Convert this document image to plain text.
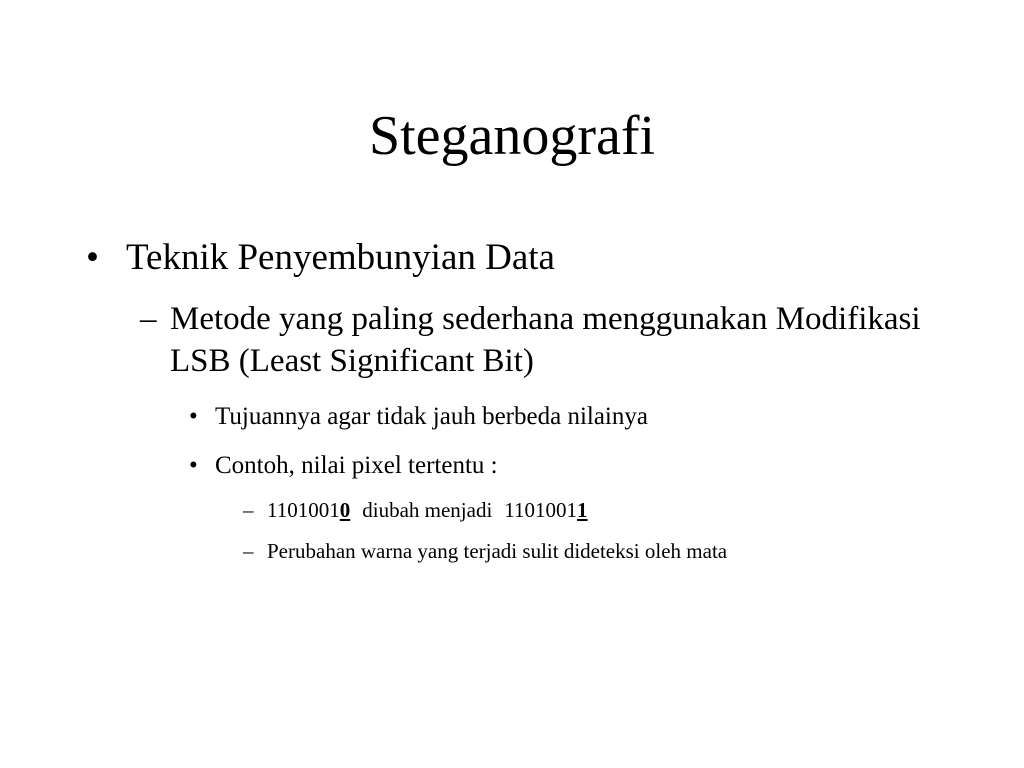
Steganografi
• Teknik Penyembunyian Data
– Metode yang paling sederhana menggunakan Modifikasi LSB (Least Significant Bit)
• Tujuannya agar tidak jauh berbeda nilainya
• Contoh, nilai pixel tertentu :
– 11010010 diubah menjadi 11010011
– Perubahan warna yang terjadi sulit dideteksi oleh mata
